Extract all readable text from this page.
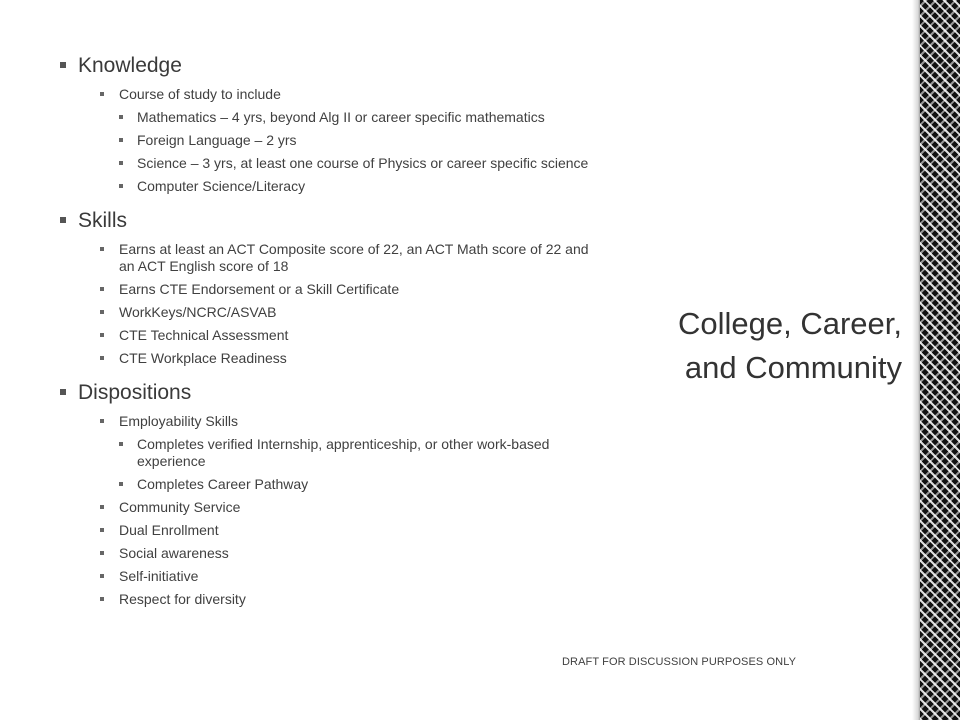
Knowledge
Course of study to include
Mathematics – 4 yrs, beyond Alg II or career specific mathematics
Foreign Language – 2 yrs
Science – 3 yrs, at least one course of Physics or career specific science
Computer Science/Literacy
Skills
Earns at least an ACT Composite score of 22, an ACT Math score of 22 and an ACT English score of 18
Earns CTE Endorsement or a Skill Certificate
WorkKeys/NCRC/ASVAB
CTE Technical Assessment
CTE Workplace Readiness
Dispositions
Employability Skills
Completes verified Internship, apprenticeship, or other work-based experience
Completes Career Pathway
Community Service
Dual Enrollment
Social awareness
Self-initiative
Respect for diversity
College, Career,
and Community
DRAFT FOR DISCUSSION PURPOSES ONLY
